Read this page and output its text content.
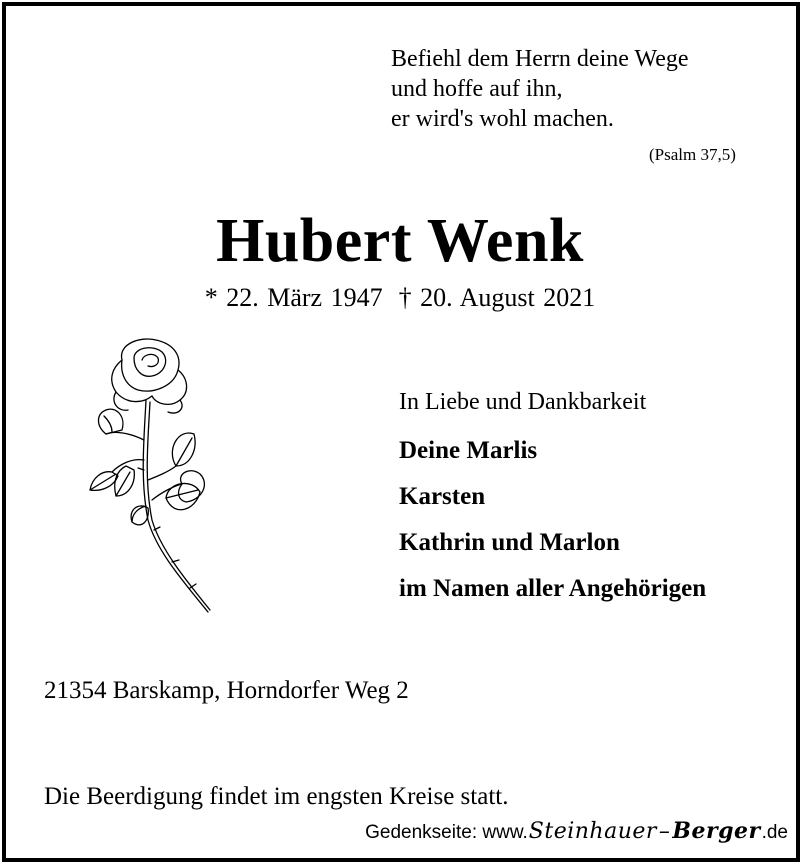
Befiehl dem Herrn deine Wege
und hoffe auf ihn,
er wird's wohl machen.
(Psalm 37,5)
Hubert Wenk
* 22. März 1947 † 20. August 2021
In Liebe und Dankbarkeit
Deine Marlis
Karsten
Kathrin und Marlon
im Namen aller Angehörigen
21354 Barskamp, Horndorfer Weg 2
Die Beerdigung findet im engsten Kreise statt.
Gedenkseite: www. Steinhauer – Berger .de
